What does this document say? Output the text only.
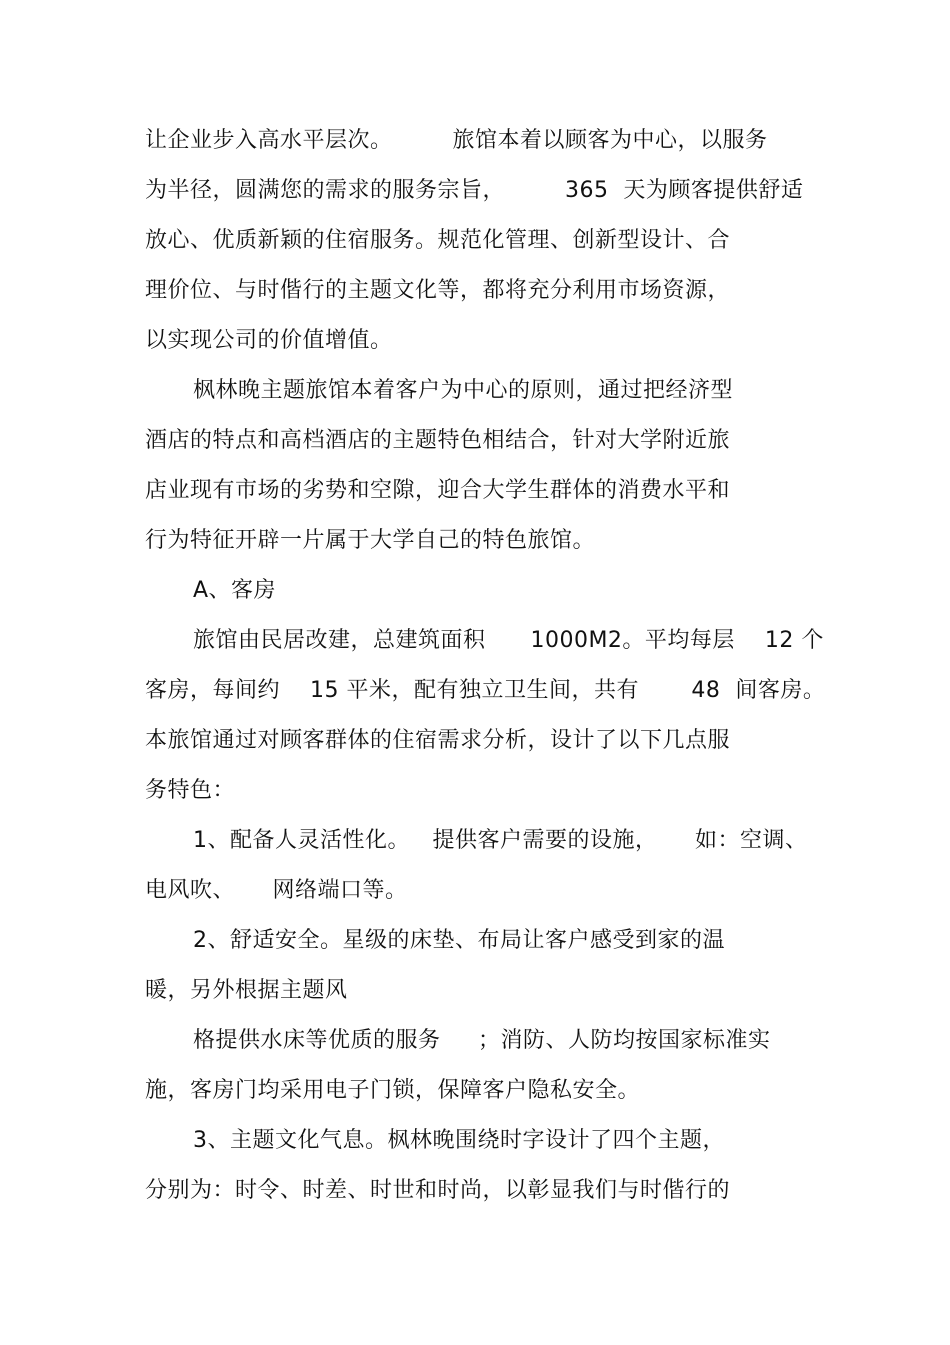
让企业步入高水平层次。        旅馆本着以顾客为中心，以服务
为半径，圆满您的需求的服务宗旨，        365  天为顾客提供舒适
放心、优质新颖的住宿服务。规范化管理、创新型设计、合
理价位、与时偕行的主题文化等，都将充分利用市场资源，
以实现公司的价值增值。
枫林晚主题旅馆本着客户为中心的原则，通过把经济型
酒店的特点和高档酒店的主题特色相结合，针对大学附近旅
店业现有市场的劣势和空隙，迎合大学生群体的消费水平和
行为特征开辟一片属于大学自己的特色旅馆。
A、客房
旅馆由民居改建，总建筑面积      1000M2。平均每层    12 个
客房，每间约    15 平米，配有独立卫生间，共有       48  间客房。
本旅馆通过对顾客群体的住宿需求分析，设计了以下几点服
务特色：
1、配备人灵活性化。   提供客户需要的设施，     如：空调、
电风吹、     网络端口等。
2、舒适安全。星级的床垫、布局让客户感受到家的温
暖，另外根据主题风
格提供水床等优质的服务     ；消防、人防均按国家标准实
施，客房门均采用电子门锁，保障客户隐私安全。
3、主题文化气息。枫林晚围绕时字设计了四个主题，
分别为：时令、时差、时世和时尚，以彰显我们与时偕行的
